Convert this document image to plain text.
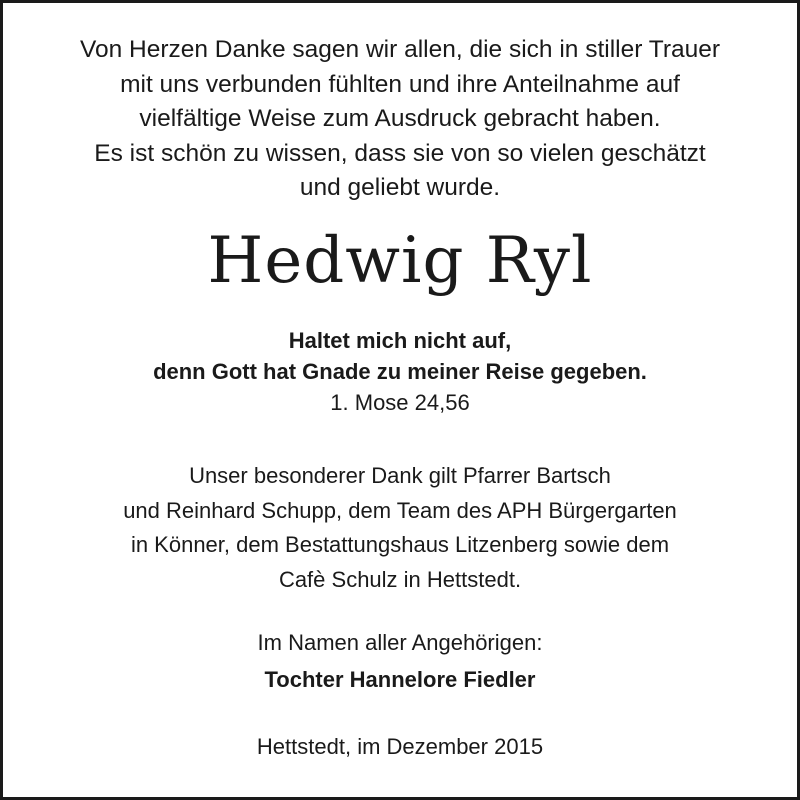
Von Herzen Danke sagen wir allen, die sich in stiller Trauer
mit uns verbunden fühlten und ihre Anteilnahme auf
vielfältige Weise zum Ausdruck gebracht haben.
Es ist schön zu wissen, dass sie von so vielen geschätzt
und geliebt wurde.
Hedwig Ryl
Haltet mich nicht auf,
denn Gott hat Gnade zu meiner Reise gegeben.
1. Mose 24,56
Unser besonderer Dank gilt Pfarrer Bartsch
und Reinhard Schupp, dem Team des APH Bürgergarten
in Könner, dem Bestattungshaus Litzenberg sowie dem
Cafè Schulz in Hettstedt.
Im Namen aller Angehörigen:
Tochter Hannelore Fiedler
Hettstedt, im Dezember 2015
